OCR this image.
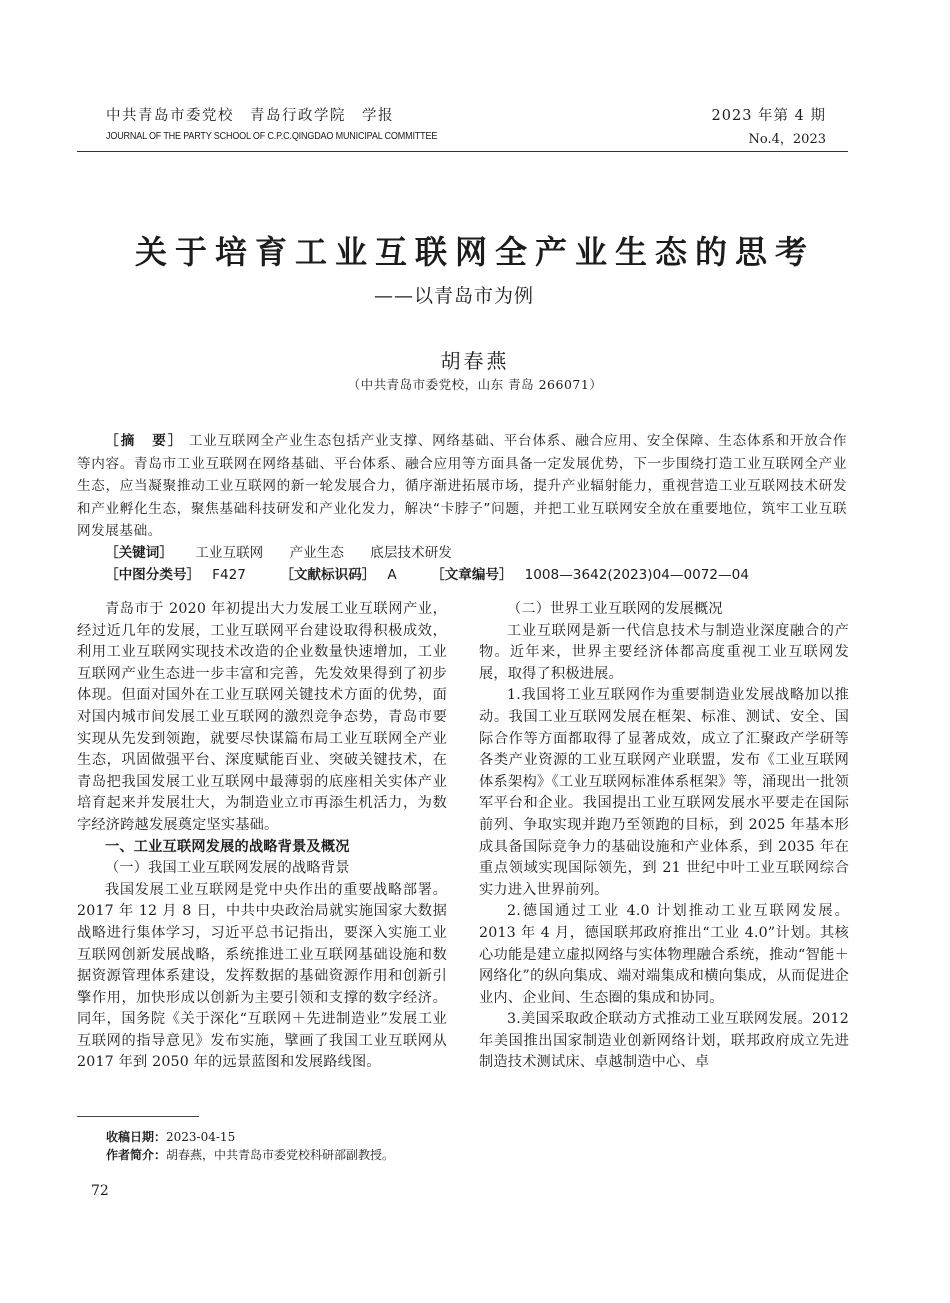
中共青岛市委党校　青岛行政学院　学报
JOURNAL OF THE PARTY SCHOOL OF C.P.C.QINGDAO MUNICIPAL COMMITTEE
2023 年第 4 期
No.4，2023
关于培育工业互联网全产业生态的思考
——以青岛市为例
胡春燕
（中共青岛市委党校，山东 青岛 266071）
［摘　要］ 工业互联网全产业生态包括产业支撑、网络基础、平台体系、融合应用、安全保障、生态体系和开放合作等内容。青岛市工业互联网在网络基础、平台体系、融合应用等方面具备一定发展优势，下一步围绕打造工业互联网全产业生态，应当凝聚推动工业互联网的新一轮发展合力，循序渐进拓展市场，提升产业辐射能力，重视营造工业互联网技术研发和产业孵化生态，聚焦基础科技研发和产业化发力，解决“卡脖子”问题，并把工业互联网安全放在重要地位，筑牢工业互联网发展基础。
［关键词］ 工业互联网 产业生态 底层技术研发
［中图分类号］ F427	［文献标识码］ A	［文章编号］ 1008—3642(2023)04—0072—04

青岛市于 2020 年初提出大力发展工业互联网产业，经过近几年的发展，工业互联网平台建设取得积极成效，利用工业互联网实现技术改造的企业数量快速增加，工业互联网产业生态进一步丰富和完善，先发效果得到了初步体现。但面对国外在工业互联网关键技术方面的优势，面对国内城市间发展工业互联网的激烈竞争态势，青岛市要实现从先发到领跑，就要尽快谋篇布局工业互联网全产业生态，巩固做强平台、深度赋能百业、突破关键技术，在青岛把我国发展工业互联网中最薄弱的底座相关实体产业培育起来并发展壮大，为制造业立市再添生机活力，为数字经济跨越发展奠定坚实基础。

一、工业互联网发展的战略背景及概况

（一）我国工业互联网发展的战略背景

我国发展工业互联网是党中央作出的重要战略部署。2017 年 12 月 8 日，中共中央政治局就实施国家大数据战略进行集体学习，习近平总书记指出，要深入实施工业互联网创新发展战略，系统推进工业互联网基础设施和数据资源管理体系建设，发挥数据的基础资源作用和创新引擎作用，加快形成以创新为主要引领和支撑的数字经济。同年，国务院《关于深化“互联网＋先进制造业”发展工业互联网的指导意见》发布实施，擘画了我国工业互联网从 2017 年到 2050 年的远景蓝图和发展路线图。

（二）世界工业互联网的发展概况

工业互联网是新一代信息技术与制造业深度融合的产物。近年来，世界主要经济体都高度重视工业互联网发展，取得了积极进展。

1.我国将工业互联网作为重要制造业发展战略加以推动。我国工业互联网发展在框架、标准、测试、安全、国际合作等方面都取得了显著成效，成立了汇聚政产学研等各类产业资源的工业互联网产业联盟，发布《工业互联网体系架构》《工业互联网标准体系框架》等，涌现出一批领军平台和企业。我国提出工业互联网发展水平要走在国际前列、争取实现并跑乃至领跑的目标，到 2025 年基本形成具备国际竞争力的基础设施和产业体系，到 2035 年在重点领域实现国际领先，到 21 世纪中叶工业互联网综合实力进入世界前列。

2.德国通过工业 4.0 计划推动工业互联网发展。2013 年 4 月，德国联邦政府推出“工业 4.0”计划。其核心功能是建立虚拟网络与实体物理融合系统，推动“智能＋网络化”的纵向集成、端对端集成和横向集成，从而促进企业内、企业间、生态圈的集成和协同。

3.美国采取政企联动方式推动工业互联网发展。2012 年美国推出国家制造业创新网络计划，联邦政府成立先进制造技术测试床、卓越制造中心、卓

收稿日期：2023-04-15
作者简介：胡春燕，中共青岛市委党校科研部副教授。
72
